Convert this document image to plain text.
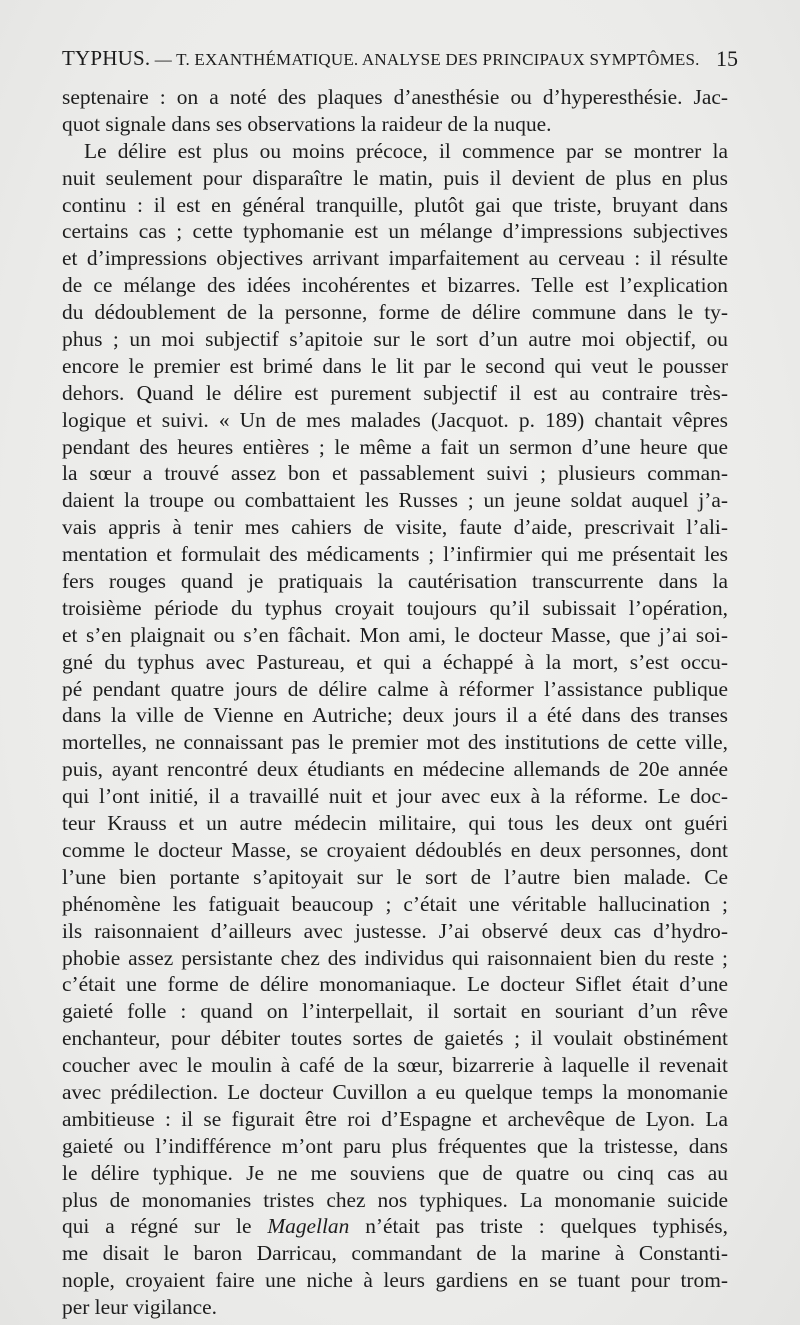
TYPHUS. — T. EXANTHÉMATIQUE. ANALYSE DES PRINCIPAUX SYMPTÔMES. 15
septenaire : on a noté des plaques d’anesthésie ou d’hyperesthésie. Jac-
quot signale dans ses observations la raideur de la nuque.
Le délire est plus ou moins précoce, il commence par se montrer la
nuit seulement pour disparaître le matin, puis il devient de plus en plus
continu : il est en général tranquille, plutôt gai que triste, bruyant dans
certains cas ; cette typhomanie est un mélange d’impressions subjectives
et d’impressions objectives arrivant imparfaitement au cerveau : il résulte
de ce mélange des idées incohérentes et bizarres. Telle est l’explication
du dédoublement de la personne, forme de délire commune dans le ty-
phus ; un moi subjectif s’apitoie sur le sort d’un autre moi objectif, ou
encore le premier est brimé dans le lit par le second qui veut le pousser
dehors. Quand le délire est purement subjectif il est au contraire très-
logique et suivi. « Un de mes malades (Jacquot. p. 189) chantait vêpres
pendant des heures entières ; le même a fait un sermon d’une heure que
la sœur a trouvé assez bon et passablement suivi ; plusieurs comman-
daient la troupe ou combattaient les Russes ; un jeune soldat auquel j’a-
vais appris à tenir mes cahiers de visite, faute d’aide, prescrivait l’ali-
mentation et formulait des médicaments ; l’infirmier qui me présentait les
fers rouges quand je pratiquais la cautérisation transcurrente dans la
troisième période du typhus croyait toujours qu’il subissait l’opération,
et s’en plaignait ou s’en fâchait. Mon ami, le docteur Masse, que j’ai soi-
gné du typhus avec Pastureau, et qui a échappé à la mort, s’est occu-
pé pendant quatre jours de délire calme à réformer l’assistance publique
dans la ville de Vienne en Autriche; deux jours il a été dans des transes
mortelles, ne connaissant pas le premier mot des institutions de cette ville,
puis, ayant rencontré deux étudiants en médecine allemands de 20e année
qui l’ont initié, il a travaillé nuit et jour avec eux à la réforme. Le doc-
teur Krauss et un autre médecin militaire, qui tous les deux ont guéri
comme le docteur Masse, se croyaient dédoublés en deux personnes, dont
l’une bien portante s’apitoyait sur le sort de l’autre bien malade. Ce
phénomène les fatiguait beaucoup ; c’était une véritable hallucination ;
ils raisonnaient d’ailleurs avec justesse. J’ai observé deux cas d’hydro-
phobie assez persistante chez des individus qui raisonnaient bien du reste ;
c’était une forme de délire monomaniaque. Le docteur Siflet était d’une
gaieté folle : quand on l’interpellait, il sortait en souriant d’un rêve
enchanteur, pour débiter toutes sortes de gaietés ; il voulait obstinément
coucher avec le moulin à café de la sœur, bizarrerie à laquelle il revenait
avec prédilection. Le docteur Cuvillon a eu quelque temps la monomanie
ambitieuse : il se figurait être roi d’Espagne et archevêque de Lyon. La
gaieté ou l’indifférence m’ont paru plus fréquentes que la tristesse, dans
le délire typhique. Je ne me souviens que de quatre ou cinq cas au
plus de monomanies tristes chez nos typhiques. La monomanie suicide
qui a régné sur le Magellan n’était pas triste : quelques typhisés,
me disait le baron Darricau, commandant de la marine à Constanti-
nople, croyaient faire une niche à leurs gardiens en se tuant pour trom-
per leur vigilance.
